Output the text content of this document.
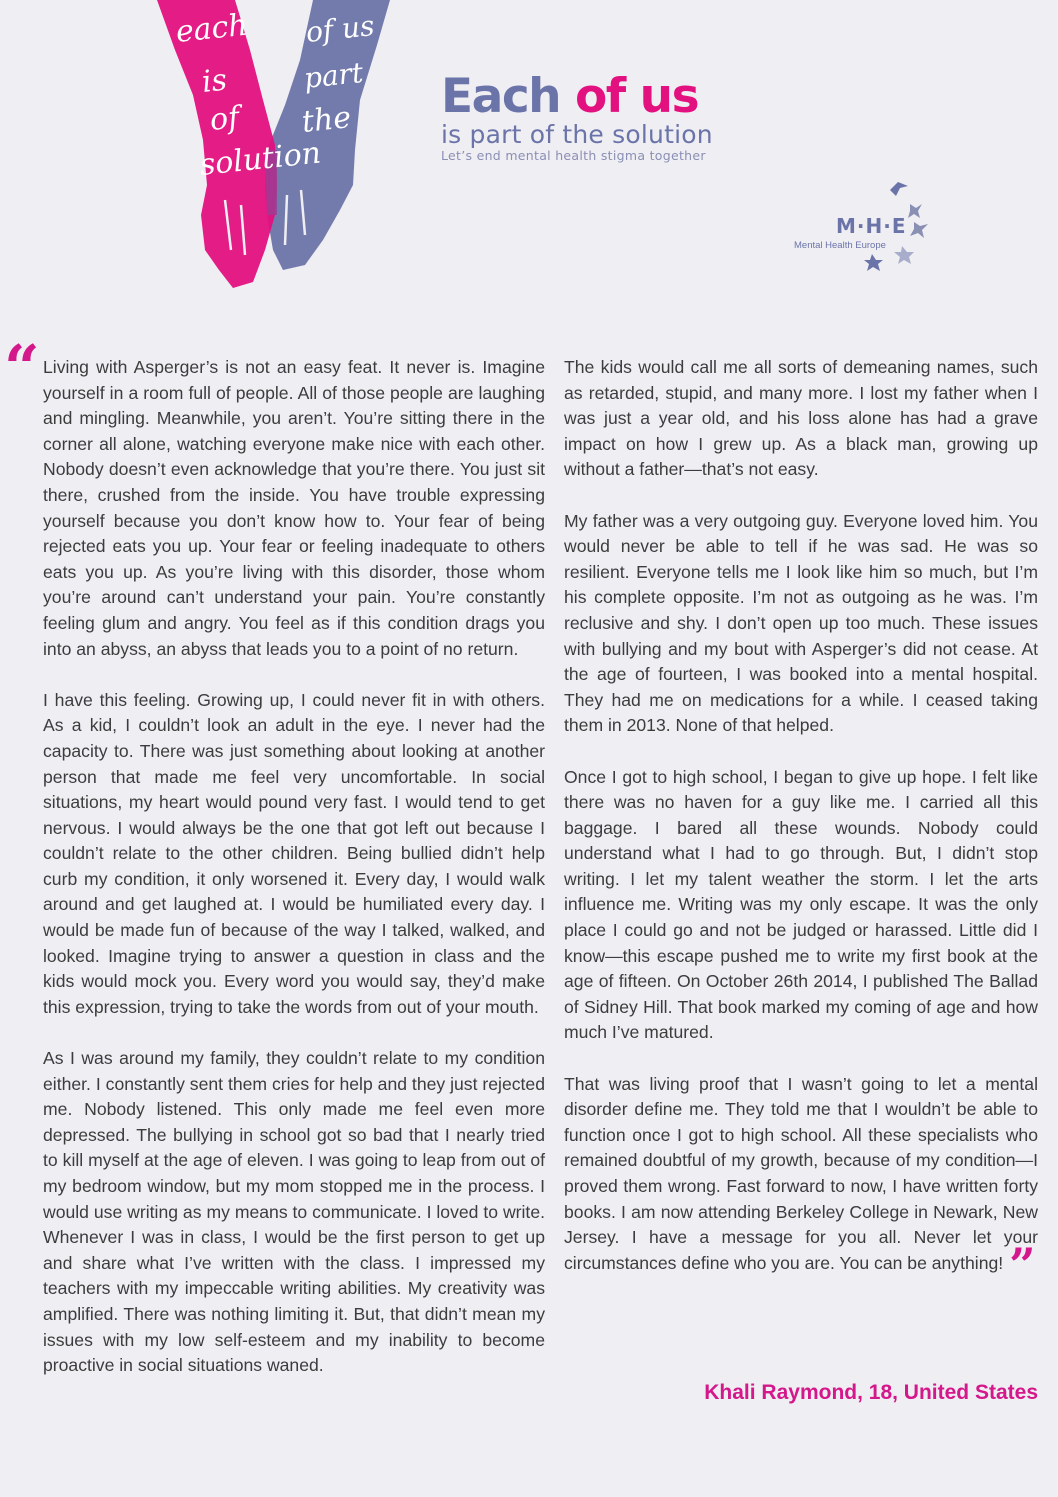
each
is
of
solution
of us
part
the Each of us
is part of the solution
Let’s end mental health stigma together
M·H·E
Mental Health Europe
“ Living with Asperger’s is not an easy feat. It never is. Imagine yourself in a room full of people. All of those people are laughing and mingling. Meanwhile, you aren’t. You’re sitting there in the corner all alone, watching everyone make nice with each other. Nobody doesn’t even acknowledge that you’re there. You just sit there, crushed from the inside. You have trouble expressing yourself because you don’t know how to. Your fear of being rejected eats you up. Your fear or feeling inadequate to others eats you up. As you’re living with this disorder, those whom you’re around can’t understand your pain. You’re constantly feeling glum and angry. You feel as if this condition drags you into an abyss, an abyss that leads you to a point of no return.

I have this feeling. Growing up, I could never fit in with others. As a kid, I couldn’t look an adult in the eye. I never had the capacity to. There was just something about looking at another person that made me feel very uncomfortable. In social situations, my heart would pound very fast. I would tend to get nervous. I would always be the one that got left out because I couldn’t relate to the other children. Being bullied didn’t help curb my condition, it only worsened it. Every day, I would walk around and get laughed at. I would be humiliated every day. I would be made fun of because of the way I talked, walked, and looked. Imagine trying to answer a question in class and the kids would mock you. Every word you would say, they’d make this expression, trying to take the words from out of your mouth.

As I was around my family, they couldn’t relate to my condition either. I constantly sent them cries for help and they just rejected me. Nobody listened. This only made me feel even more depressed. The bullying in school got so bad that I nearly tried to kill myself at the age of eleven. I was going to leap from out of my bedroom window, but my mom stopped me in the process. I would use writing as my means to communicate. I loved to write. Whenever I was in class, I would be the first person to get up and share what I’ve written with the class. I impressed my teachers with my impeccable writing abilities. My creativity was amplified. There was nothing limiting it. But, that didn’t mean my issues with my low self-esteem and my inability to become proactive in social situations waned.

The kids would call me all sorts of demeaning names, such as retarded, stupid, and many more. I lost my father when I was just a year old, and his loss alone has had a grave impact on how I grew up. As a black man, growing up without a father—that’s not easy.

My father was a very outgoing guy. Everyone loved him. You would never be able to tell if he was sad. He was so resilient. Everyone tells me I look like him so much, but I’m his complete opposite. I’m not as outgoing as he was. I’m reclusive and shy. I don’t open up too much. These issues with bullying and my bout with Asperger’s did not cease. At the age of fourteen, I was booked into a mental hospital. They had me on medications for a while. I ceased taking them in 2013. None of that helped.

Once I got to high school, I began to give up hope. I felt like there was no haven for a guy like me. I carried all this baggage. I bared all these wounds. Nobody could understand what I had to go through. But, I didn’t stop writing. I let my talent weather the storm. I let the arts influence me. Writing was my only escape. It was the only place I could go and not be judged or harassed. Little did I know—this escape pushed me to write my first book at the age of fifteen. On October 26th 2014, I published The Ballad of Sidney Hill. That book marked my coming of age and how much I’ve matured.

That was living proof that I wasn’t going to let a mental disorder define me. They told me that I wouldn’t be able to function once I got to high school. All these specialists who remained doubtful of my growth, because of my condition—I proved them wrong. Fast forward to now, I have written forty books. I am now attending Berkeley College in Newark, New Jersey. I have a message for you all. Never let your circumstances define who you are. You can be anything! ”

Khali Raymond, 18, United States
